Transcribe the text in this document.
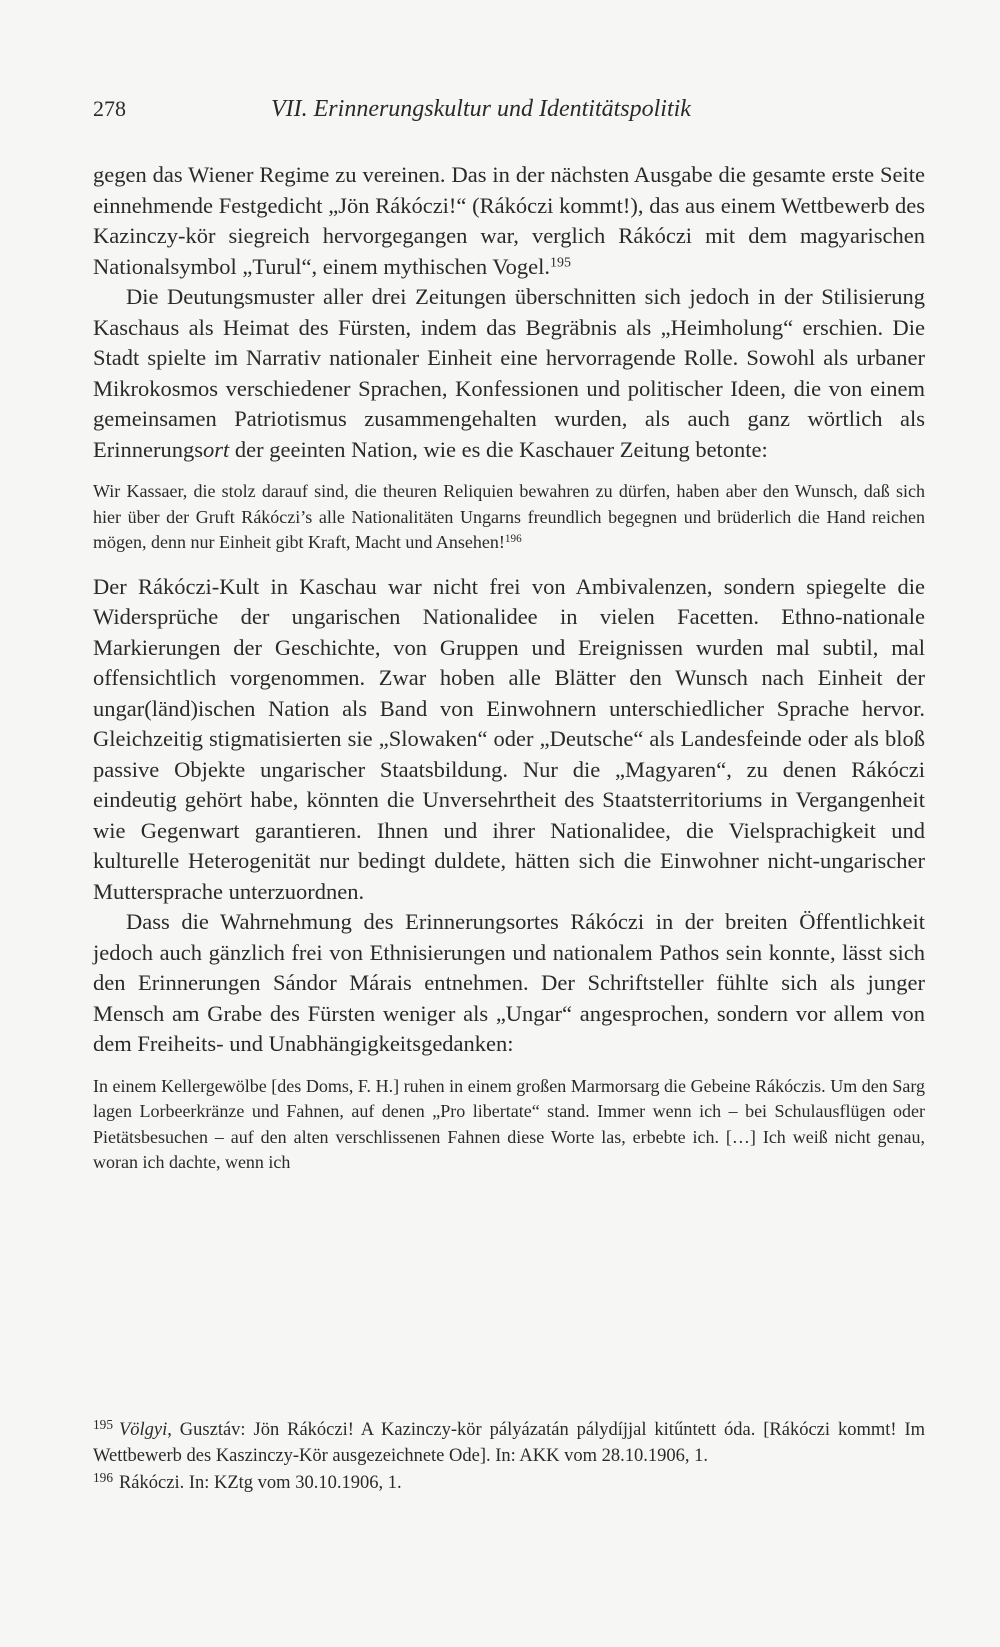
278	VII. Erinnerungskultur und Identitätspolitik

gegen das Wiener Regime zu vereinen. Das in der nächsten Ausgabe die gesamte erste Seite einnehmende Festgedicht „Jön Rákóczi!“ (Rákóczi kommt!), das aus einem Wettbewerb des Kazinczy-kör siegreich hervorgegangen war, verglich Rákóczi mit dem magyarischen Nationalsymbol „Turul“, einem mythischen Vogel.$^{195}$

Die Deutungsmuster aller drei Zeitungen überschnitten sich jedoch in der Stilisierung Kaschaus als Heimat des Fürsten, indem das Begräbnis als „Heimholung“ erschien. Die Stadt spielte im Narrativ nationaler Einheit eine hervorragende Rolle. Sowohl als urbaner Mikrokosmos verschiedener Sprachen, Konfessionen und politischer Ideen, die von einem gemeinsamen Patriotismus zusammengehalten wurden, als auch ganz wörtlich als Erinnerungsort der geeinten Nation, wie es die Kaschauer Zeitung betonte:

Wir Kassaer, die stolz darauf sind, die theuren Reliquien bewahren zu dürfen, haben aber den Wunsch, daß sich hier über der Gruft Rákóczi’s alle Nationalitäten Ungarns freundlich begegnen und brüderlich die Hand reichen mögen, denn nur Einheit gibt Kraft, Macht und Ansehen!$^{196}$

Der Rákóczi-Kult in Kaschau war nicht frei von Ambivalenzen, sondern spiegelte die Widersprüche der ungarischen Nationalidee in vielen Facetten. Ethno-nationale Markierungen der Geschichte, von Gruppen und Ereignissen wurden mal subtil, mal offensichtlich vorgenommen. Zwar hoben alle Blätter den Wunsch nach Einheit der ungar(länd)ischen Nation als Band von Einwohnern unterschiedlicher Sprache hervor. Gleichzeitig stigmatisierten sie „Slowaken“ oder „Deutsche“ als Landesfeinde oder als bloß passive Objekte ungarischer Staatsbildung. Nur die „Magyaren“, zu denen Rákóczi eindeutig gehört habe, könnten die Unversehrtheit des Staatsterritoriums in Vergangenheit wie Gegenwart garantieren. Ihnen und ihrer Nationalidee, die Vielsprachigkeit und kulturelle Heterogenität nur bedingt duldete, hätten sich die Einwohner nicht-ungarischer Muttersprache unterzuordnen.

Dass die Wahrnehmung des Erinnerungsortes Rákóczi in der breiten Öffentlichkeit jedoch auch gänzlich frei von Ethnisierungen und nationalem Pathos sein konnte, lässt sich den Erinnerungen Sándor Márais entnehmen. Der Schriftsteller fühlte sich als junger Mensch am Grabe des Fürsten weniger als „Ungar“ angesprochen, sondern vor allem von dem Freiheits- und Unabhängigkeitsgedanken:

In einem Kellergewölbe [des Doms, F. H.] ruhen in einem großen Marmorsarg die Gebeine Rákóczis. Um den Sarg lagen Lorbeerkränze und Fahnen, auf denen „Pro libertate“ stand. Immer wenn ich – bei Schulausflügen oder Pietätsbesuchen – auf den alten verschlissenen Fahnen diese Worte las, erbebte ich. […] Ich weiß nicht genau, woran ich dachte, wenn ich

$^{195}$ Völgyi, Gusztáv: Jön Rákóczi! A Kazinczy-kör pályázatán pálydíjjal kitűntett óda. [Rákóczi kommt! Im Wettbewerb des Kaszinczy-Kör ausgezeichnete Ode]. In: AKK vom 28.10.1906, 1.

$^{196}$ Rákóczi. In: KZtg vom 30.10.1906, 1.
